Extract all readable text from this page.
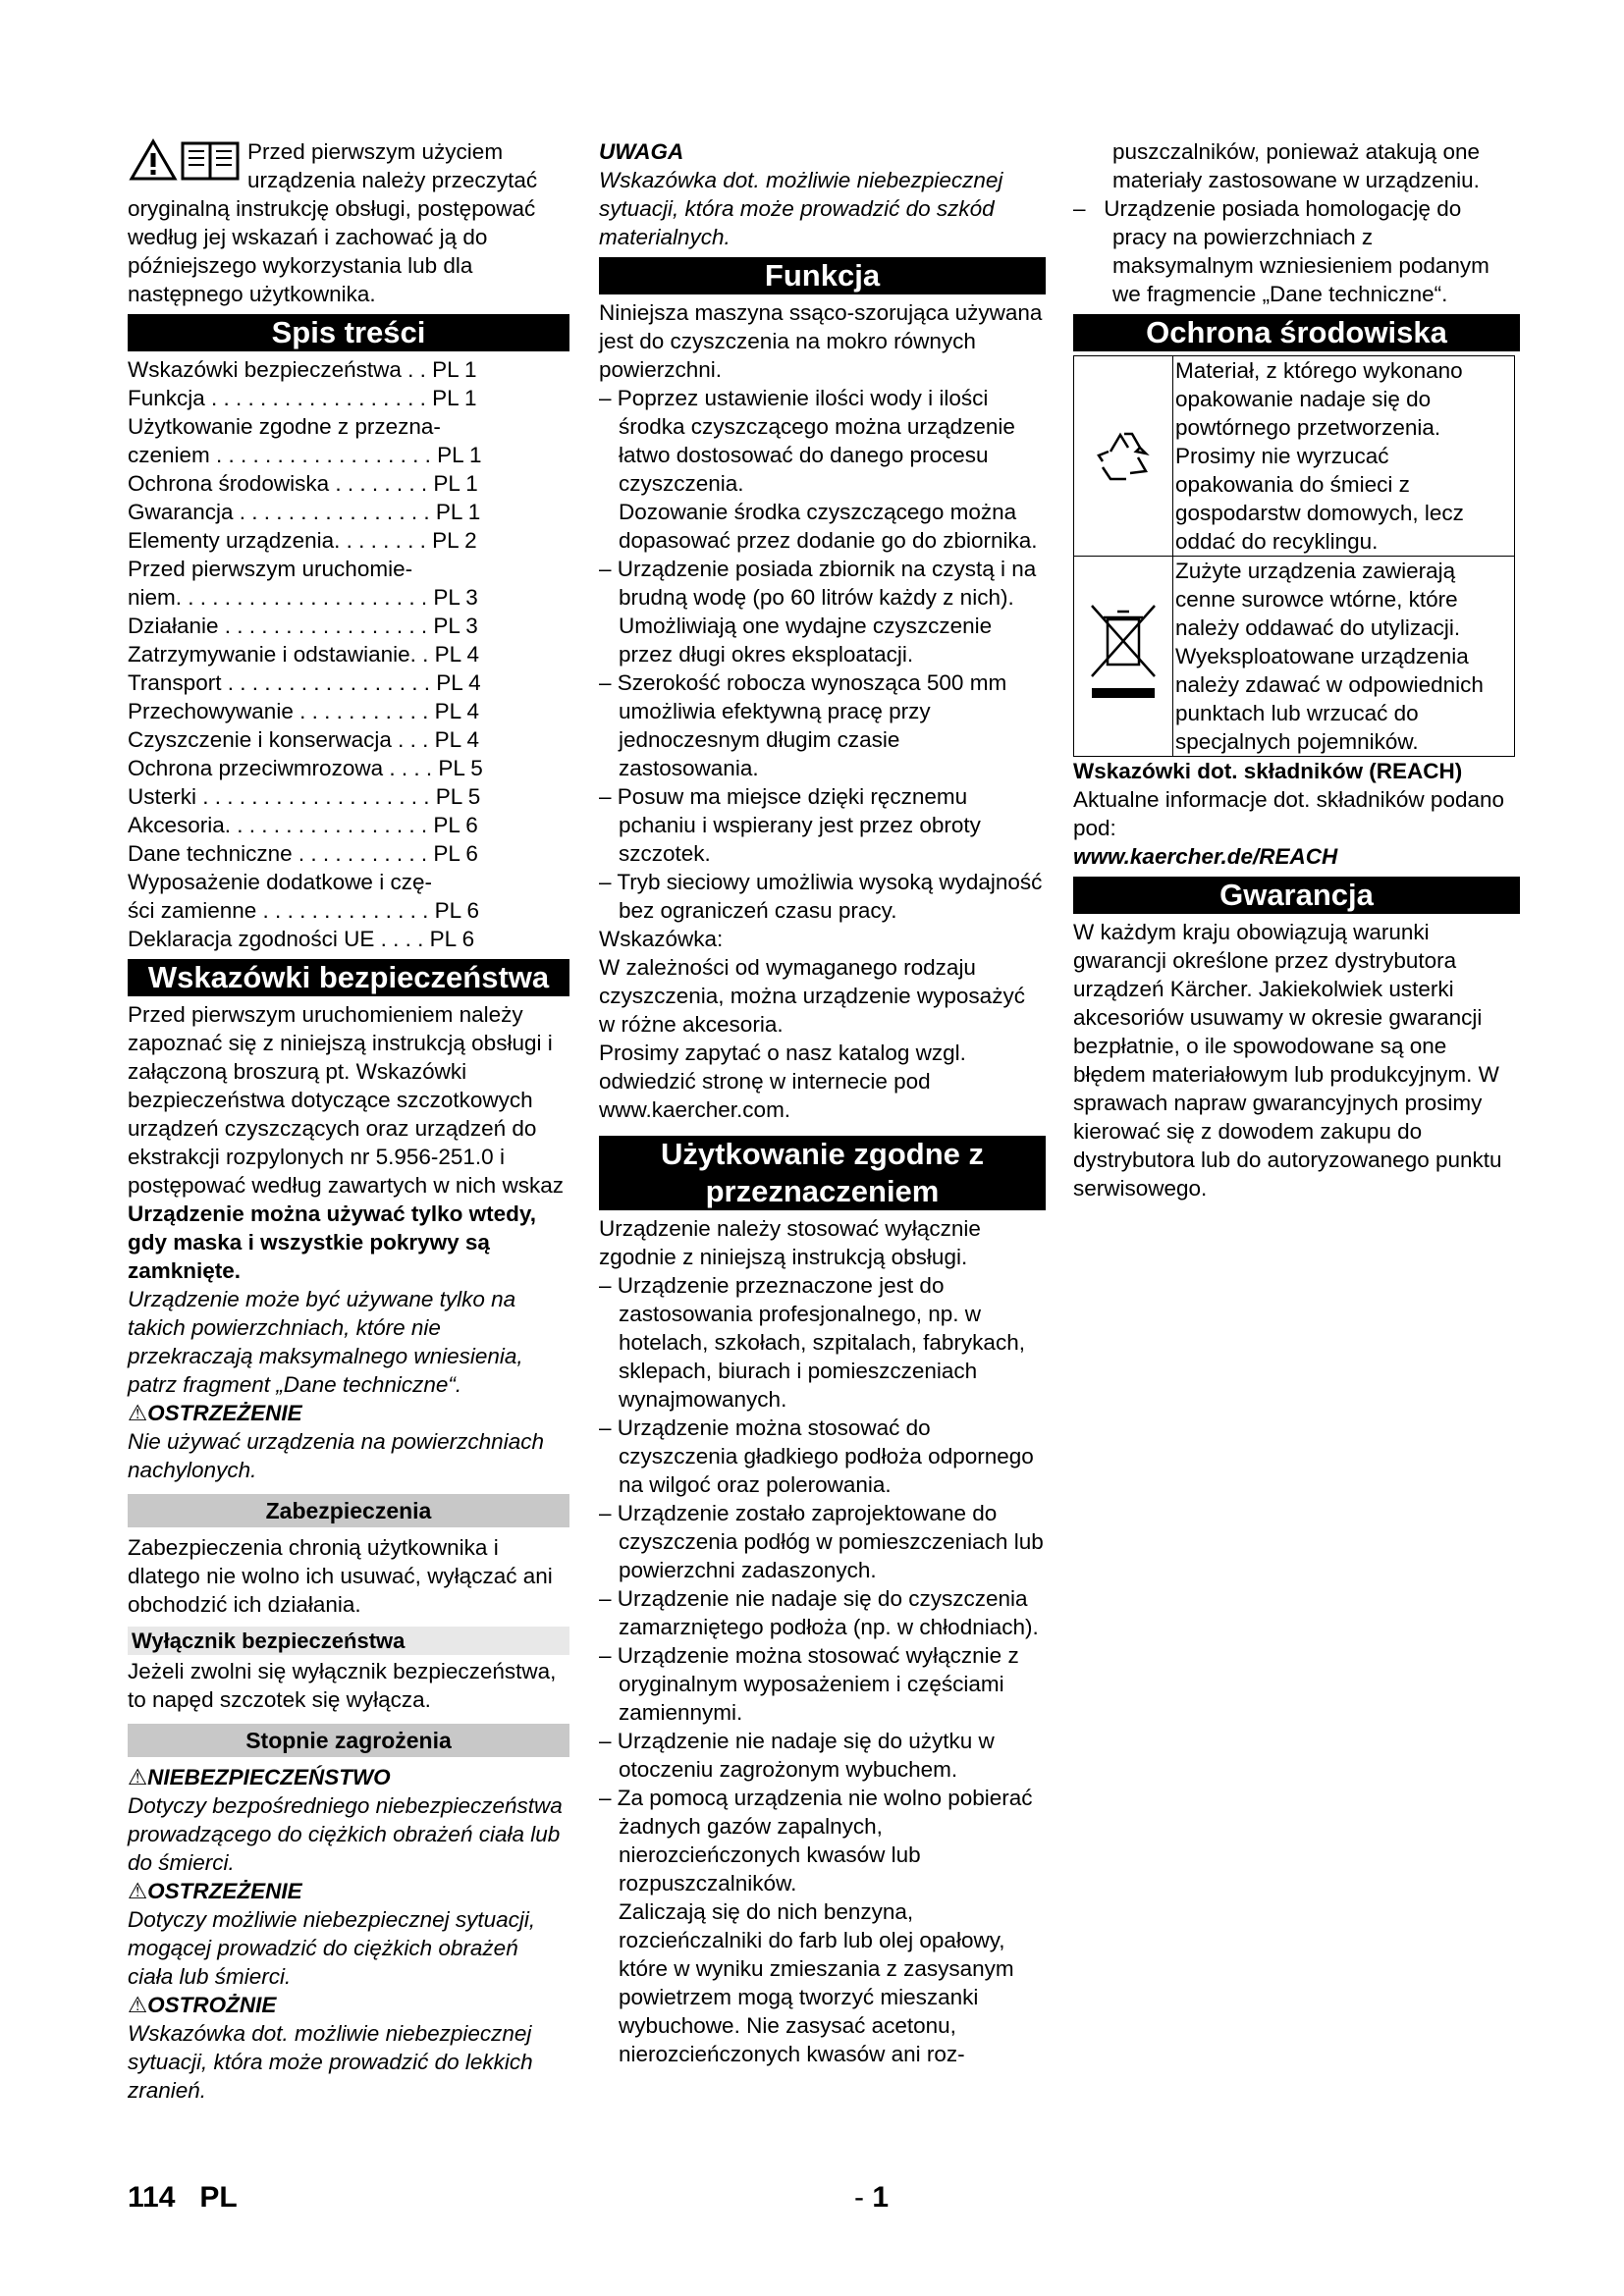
Przed pierwszym użyciem urządzenia należy przeczytać oryginalną instrukcję obsługi, postępować według jej wskazań i zachować ją do późniejszego wykorzystania lub dla następnego użytkownika.

Spis treści
Wskazówki bezpieczeństwa . . PL 1
Funkcja . . . . . . . . . . . . . . . . . . PL 1
Użytkowanie zgodne z przezna-
czeniem . . . . . . . . . . . . . . . . . . PL 1
Ochrona środowiska . . . . . . . . PL 1
Gwarancja . . . . . . . . . . . . . . . . PL 1
Elementy urządzenia. . . . . . . . PL 2
Przed pierwszym uruchomie-
niem. . . . . . . . . . . . . . . . . . . . . PL 3
Działanie . . . . . . . . . . . . . . . . . PL 3
Zatrzymywanie i odstawianie. . PL 4
Transport . . . . . . . . . . . . . . . . . PL 4
Przechowywanie . . . . . . . . . . . PL 4
Czyszczenie i konserwacja . . . PL 4
Ochrona przeciwmrozowa . . . . PL 5
Usterki . . . . . . . . . . . . . . . . . . . PL 5
Akcesoria. . . . . . . . . . . . . . . . . PL 6
Dane techniczne . . . . . . . . . . . PL 6
Wyposażenie dodatkowe i czę-
ści zamienne . . . . . . . . . . . . . . PL 6
Deklaracja zgodności UE . . . . PL 6
Wskazówki bezpieczeństwa

Przed pierwszym uruchomieniem należy zapoznać się z niniejszą instrukcją obsługi i załączoną broszurą pt. Wskazówki bezpieczeństwa dotyczące szczotkowych urządzeń czyszczących oraz urządzeń do ekstrakcji rozpylonych nr 5.956-251.0 i postępować według zawartych w nich wskaz

Urządzenie można używać tylko wtedy, gdy maska i wszystkie pokrywy są zamknięte.

Urządzenie może być używane tylko na takich powierzchniach, które nie przekraczają maksymalnego wniesienia, patrz fragment „Dane techniczne“.

⚠OSTRZEŻENIE

Nie używać urządzenia na powierzchniach nachylonych.

Zabezpieczenia

Zabezpieczenia chronią użytkownika i dlatego nie wolno ich usuwać, wyłączać ani obchodzić ich działania.

Wyłącznik bezpieczeństwa

Jeżeli zwolni się wyłącznik bezpieczeństwa, to napęd szczotek się wyłącza.

Stopnie zagrożenia

⚠NIEBEZPIECZEŃSTWO

Dotyczy bezpośredniego niebezpieczeństwa prowadzącego do ciężkich obrażeń ciała lub do śmierci.

⚠OSTRZEŻENIE

Dotyczy możliwie niebezpiecznej sytuacji, mogącej prowadzić do ciężkich obrażeń ciała lub śmierci.

⚠OSTROŻNIE

Wskazówka dot. możliwie niebezpiecznej sytuacji, która może prowadzić do lekkich zranień.

UWAGA

Wskazówka dot. możliwie niebezpiecznej sytuacji, która może prowadzić do szkód materialnych.

Funkcja

Niniejsza maszyna ssąco-szorująca używana jest do czyszczenia na mokro równych powierzchni.

– Poprzez ustawienie ilości wody i ilości środka czyszczącego można urządzenie łatwo dostosować do danego procesu czyszczenia.
Dozowanie środka czyszczącego można dopasować przez dodanie go do zbiornika.
– Urządzenie posiada zbiornik na czystą i na brudną wodę (po 60 litrów każdy z nich). Umożliwiają one wydajne czyszczenie przez długi okres eksploatacji.
– Szerokość robocza wynosząca 500 mm umożliwia efektywną pracę przy jednoczesnym długim czasie zastosowania.
– Posuw ma miejsce dzięki ręcznemu pchaniu i wspierany jest przez obroty szczotek.
– Tryb sieciowy umożliwia wysoką wydajność bez ograniczeń czasu pracy.

Wskazówka:

W zależności od wymaganego rodzaju czyszczenia, można urządzenie wyposażyć w różne akcesoria.

Prosimy zapytać o nasz katalog wzgl. odwiedzić stronę w internecie pod www.kaercher.com.

Użytkowanie zgodne z przeznaczeniem

Urządzenie należy stosować wyłącznie zgodnie z niniejszą instrukcją obsługi.

– Urządzenie przeznaczone jest do zastosowania profesjonalnego, np. w hotelach, szkołach, szpitalach, fabrykach, sklepach, biurach i pomieszczeniach wynajmowanych.
– Urządzenie można stosować do czyszczenia gładkiego podłoża odpornego na wilgoć oraz polerowania.
– Urządzenie zostało zaprojektowane do czyszczenia podłóg w pomieszczeniach lub powierzchni zadaszonych.
– Urządzenie nie nadaje się do czyszczenia zamarzniętego podłoża (np. w chłodniach).
– Urządzenie można stosować wyłącznie z oryginalnym wyposażeniem i częściami zamiennymi.
– Urządzenie nie nadaje się do użytku w otoczeniu zagrożonym wybuchem.
– Za pomocą urządzenia nie wolno pobierać żadnych gazów zapalnych, nierozcieńczonych kwasów lub rozpuszczalników.
Zaliczają się do nich benzyna, rozcieńczalniki do farb lub olej opałowy, które w wyniku zmieszania z zasysanym powietrzem mogą tworzyć mieszanki wybuchowe. Nie zasysać acetonu, nierozcieńczonych kwasów ani roz-

puszczalników, ponieważ atakują one materiały zastosowane w urządzeniu.

–   Urządzenie posiada homologację do pracy na powierzchniach z maksymalnym wzniesieniem podanym we fragmencie „Dane techniczne“.
Ochrona środowiska
Materiał, z którego wykonano opakowanie nadaje się do powtórnego przetworzenia. Prosimy nie wyrzucać opakowania do śmieci z gospodarstw domowych, lecz oddać do recyklingu.
Zużyte urządzenia zawierają cenne surowce wtórne, które należy oddawać do utylizacji. Wyeksploatowane urządzenia należy zdawać w odpowiednich punktach lub wrzucać do specjalnych pojemników.

Wskazówki dot. składników (REACH)

Aktualne informacje dot. składników podano pod:

www.kaercher.de/REACH

Gwarancja

W każdym kraju obowiązują warunki gwarancji określone przez dystrybutora urządzeń Kärcher. Jakiekolwiek usterki akcesoriów usuwamy w okresie gwarancji bezpłatnie, o ile spowodowane są one błędem materiałowym lub produkcyjnym. W sprawach napraw gwarancyjnych prosimy kierować się z dowodem zakupu do dystrybutora lub do autoryzowanego punktu serwisowego.

114 PL	- 1
